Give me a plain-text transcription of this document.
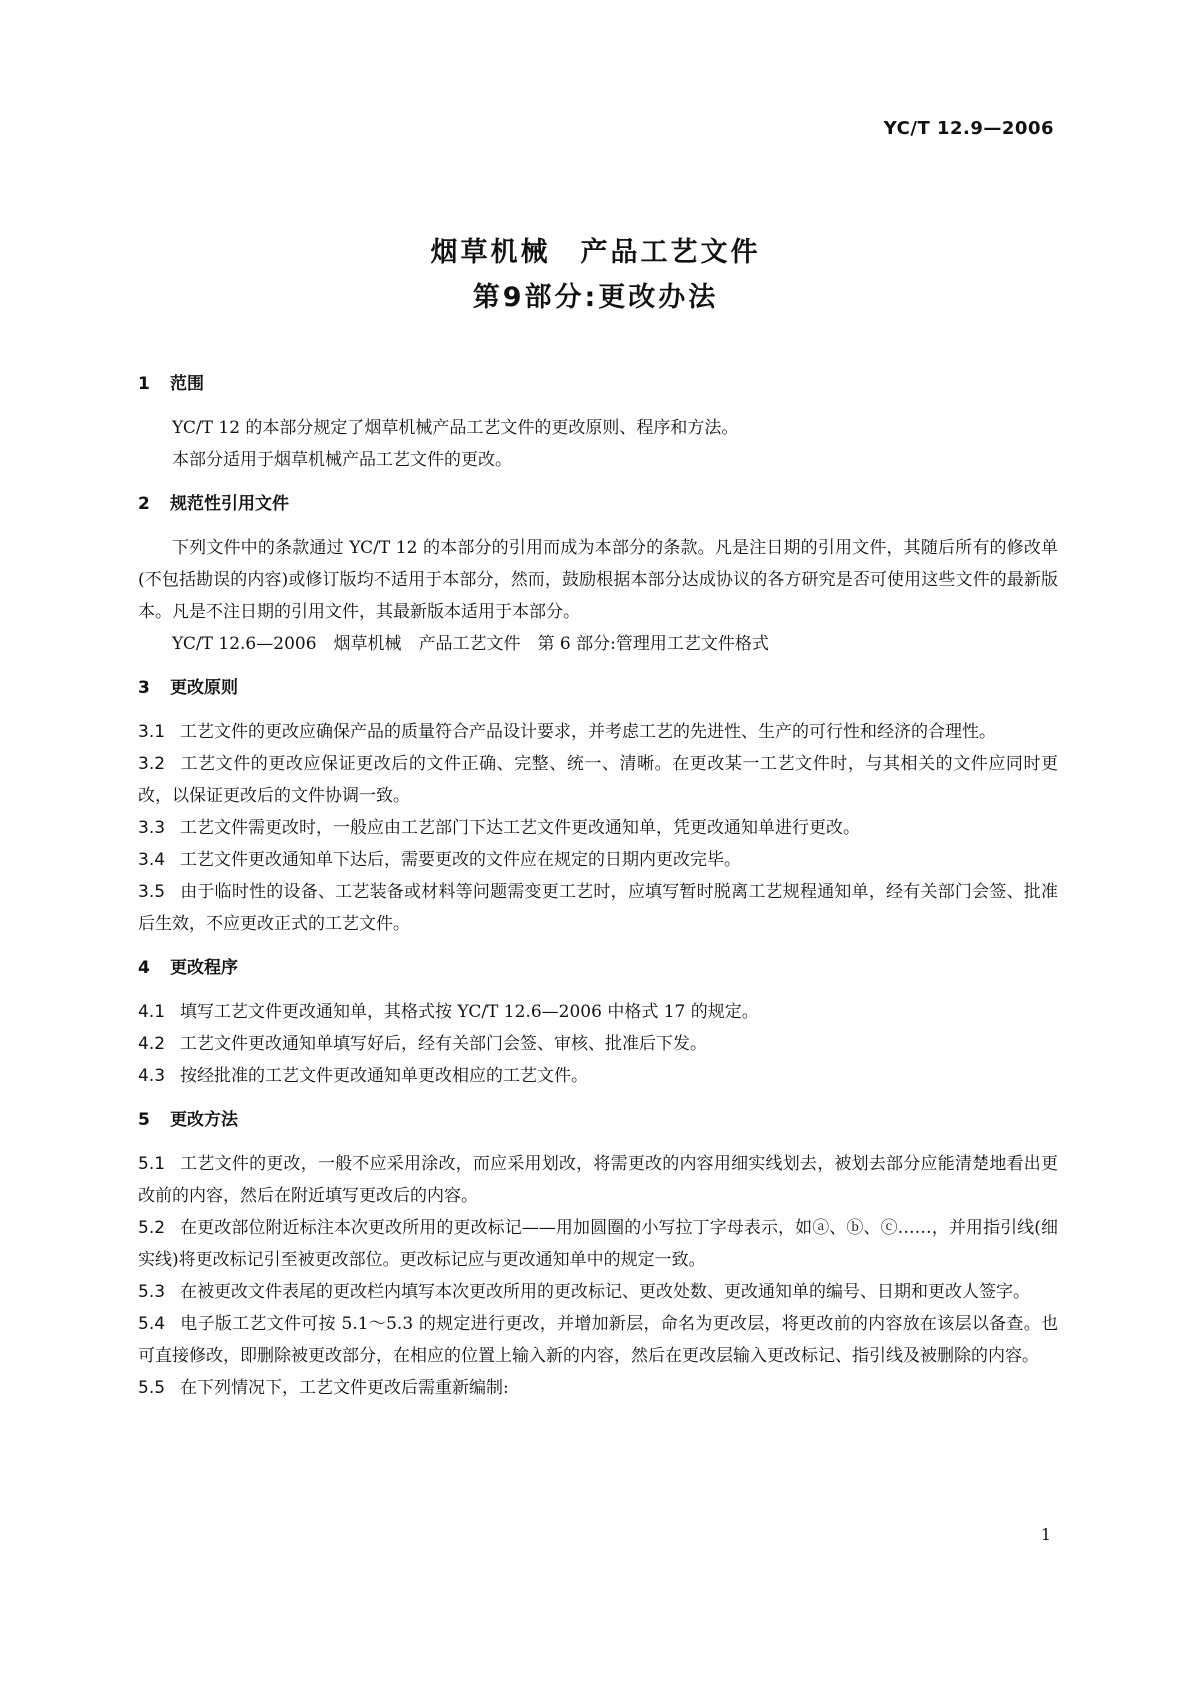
YC/T 12.9—2006
烟草机械　产品工艺文件
第9部分:更改办法
1 范围

YC/T 12 的本部分规定了烟草机械产品工艺文件的更改原则、程序和方法。

本部分适用于烟草机械产品工艺文件的更改。

2 规范性引用文件

下列文件中的条款通过 YC/T 12 的本部分的引用而成为本部分的条款。凡是注日期的引用文件，其随后所有的修改单(不包括勘误的内容)或修订版均不适用于本部分，然而，鼓励根据本部分达成协议的各方研究是否可使用这些文件的最新版本。凡是不注日期的引用文件，其最新版本适用于本部分。

YC/T 12.6—2006　烟草机械　产品工艺文件　第 6 部分:管理用工艺文件格式

3 更改原则

3.1 工艺文件的更改应确保产品的质量符合产品设计要求，并考虑工艺的先进性、生产的可行性和经济的合理性。

3.2 工艺文件的更改应保证更改后的文件正确、完整、统一、清晰。在更改某一工艺文件时，与其相关的文件应同时更改，以保证更改后的文件协调一致。

3.3 工艺文件需更改时，一般应由工艺部门下达工艺文件更改通知单，凭更改通知单进行更改。

3.4 工艺文件更改通知单下达后，需要更改的文件应在规定的日期内更改完毕。

3.5 由于临时性的设备、工艺装备或材料等问题需变更工艺时，应填写暂时脱离工艺规程通知单，经有关部门会签、批准后生效，不应更改正式的工艺文件。

4 更改程序

4.1 填写工艺文件更改通知单，其格式按 YC/T 12.6—2006 中格式 17 的规定。

4.2 工艺文件更改通知单填写好后，经有关部门会签、审核、批准后下发。

4.3 按经批准的工艺文件更改通知单更改相应的工艺文件。

5 更改方法

5.1 工艺文件的更改，一般不应采用涂改，而应采用划改，将需更改的内容用细实线划去，被划去部分应能清楚地看出更改前的内容，然后在附近填写更改后的内容。

5.2 在更改部位附近标注本次更改所用的更改标记——用加圆圈的小写拉丁字母表示，如ⓐ、ⓑ、ⓒ……，并用指引线(细实线)将更改标记引至被更改部位。更改标记应与更改通知单中的规定一致。

5.3 在被更改文件表尾的更改栏内填写本次更改所用的更改标记、更改处数、更改通知单的编号、日期和更改人签字。

5.4 电子版工艺文件可按 5.1～5.3 的规定进行更改，并增加新层，命名为更改层，将更改前的内容放在该层以备查。也可直接修改，即删除被更改部分，在相应的位置上输入新的内容，然后在更改层输入更改标记、指引线及被删除的内容。

5.5 在下列情况下，工艺文件更改后需重新编制:

1
